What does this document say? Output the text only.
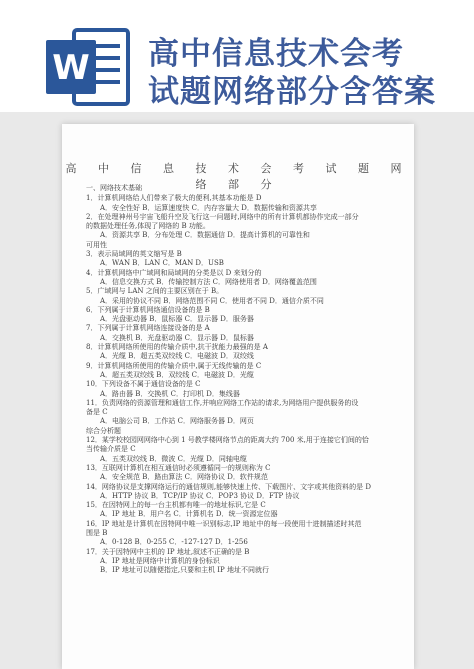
W 高中信息技术会考
试题网络部分含答案
高 中 信 息 技 术 会 考 试 题 网 络 部 分
一、网络技术基础
1．计算机网络给人们带来了极大的便利,其基本功能是 D
A．安全性好 B．运算速度快 C．内存容量大 D．数据传输和资源共享
2．在处理神州号宇宙飞船升空及飞行这一问题时,网络中的所有计算机都协作完成一部分
的数据处理任务,体现了网络的 B 功能。
A．资源共享 B．分布处理 C．数据通信 D．提高计算机的可靠性和
可用性
3．表示局域网的英文缩写是 B
A．WAN B．LAN C．MAN D．USB
4．计算机网络中广域网和局域网的分类是以 D 来划分的
A．信息交换方式 B．传输控制方法 C．网络使用者 D．网络覆盖范围
5．广域网与 LAN 之间的主要区别在于 B。
A．采用的协议不同 B．网络范围不同 C．使用者不同 D．通信介质不同
6．下列属于计算机网络通信设备的是 B
A．光盘驱动器 B．鼠标器 C．显示器 D．服务器
7．下列属于计算机网络连接设备的是 A
A．交换机 B．光盘驱动器 C．显示器 D．鼠标器
8．计算机网络所使用的传输介质中,抗干扰能力最强的是 A
A．光缆 B．超五类双绞线 C．电磁波 D．双绞线
9．计算机网络所使用的传输介质中,属于无线传输的是 C
A．超五类双绞线 B．双绞线 C．电磁波 D．光缆
10．下列设备不属于通信设备的是 C
A．路由器 B．交换机 C．打印机 D．集线器
11．负责网络的资源管理和通信工作,并响应网络工作站的请求,为网络用户提供服务的设
备是 C
A．电脑公司 B．工作站 C．网络服务器 D．网页
综合分析题
12．某学校校园网网络中心到 1 号教学楼网络节点的距离大约 700 米,用于连接它们间的恰
当传输介质是 C
A．五类双绞线 B．微波 C．光缆 D．同轴电缆
13．互联网计算机在相互通信时必须遵循同一的规则称为 C
A．安全规范 B．路由算法 C．网络协议 D．软件规范
14．网络协议是支撑网络运行的通信规则,能够快速上传、下载图片、文字或其他资料的是 D
A．HTTP 协议 B．TCP/IP 协议 C．POP3 协议 D．FTP 协议
15．在因特网上的每一台主机都有唯一的地址标识,它是 C
A．IP 地址 B．用户名 C．计算机名 D．统一资源定位器
16．IP 地址是计算机在因特网中唯一识别标志,IP 地址中的每一段使用十进制描述时其范
围是 B
A．0-128 B．0-255 C．-127-127 D．1-256
17．关于因特网中主机的 IP 地址,叙述不正确的是 B
A．IP 地址是网络中计算机的身份标识
B．IP 地址可以随便指定,只要和主机 IP 地址不同就行
